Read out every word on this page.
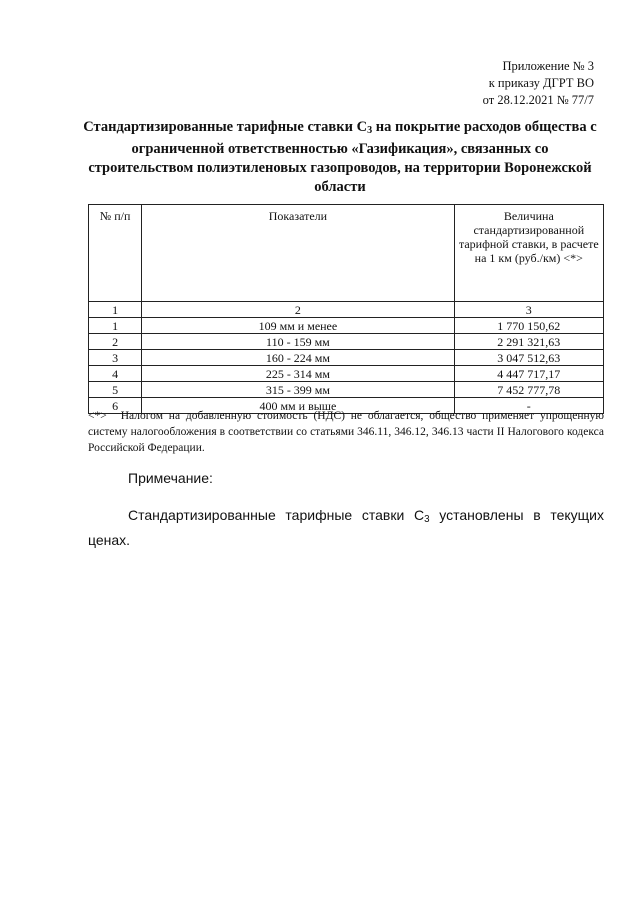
Приложение № 3
к приказу ДГРТ ВО
от 28.12.2021 № 77/7
Стандартизированные тарифные ставки $С_3$ на покрытие расходов общества с ограниченной ответственностью «Газификация», связанных со строительством полиэтиленовых газопроводов, на территории Воронежской области
№ п/п	Показатели	Величина стандартизированной тарифной ставки, в расчете на 1 км (руб./км) <*>
1	2	3
1	109 мм и менее	1 770 150,62
2	110 - 159 мм	2 291 321,63
3	160 - 224 мм	3 047 512,63
4	225 - 314 мм	4 447 717,17
5	315 - 399 мм	7 452 777,78
6	400 мм и выше	-
<*> Налогом на добавленную стоимость (НДС) не облагается, общество применяет упрощенную систему налогообложения в соответствии со статьями 346.11, 346.12, 346.13 части II Налогового кодекса Российской Федерации.
Примечание:
Стандартизированные тарифные ставки $С_3$ установлены в текущих ценах.
